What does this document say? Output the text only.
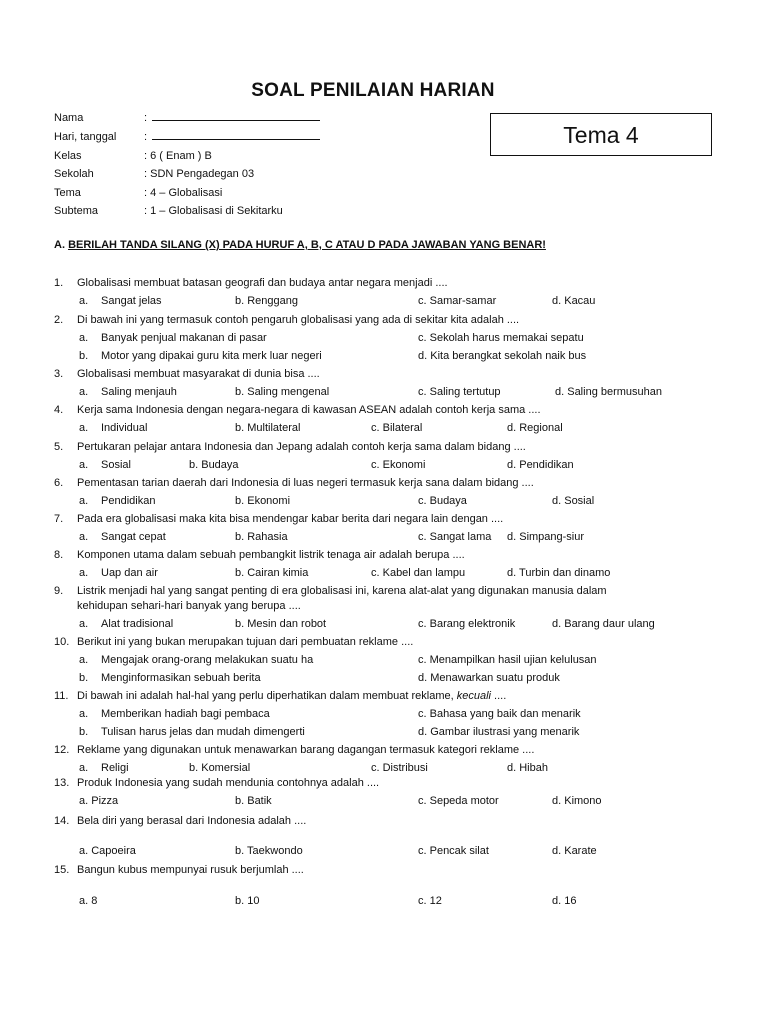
SOAL PENILAIAN HARIAN
Tema 4
Nama	:
Hari, tanggal	:
Kelas	: 6 ( Enam ) B
Sekolah	: SDN Pengadegan 03
Tema	: 4 – Globalisasi
Subtema	: 1 – Globalisasi di Sekitarku
A. BERILAH TANDA SILANG (X) PADA HURUF A, B, C ATAU D PADA JAWABAN YANG BENAR!
1.	Globalisasi membuat batasan geografi dan budaya antar negara menjadi ....
a. Sangat jelas	b. Renggang	c. Samar-samar	d. Kacau
2.	Di bawah ini yang termasuk contoh pengaruh globalisasi yang ada di sekitar kita adalah ....
a. Banyak penjual makanan di pasar	c. Sekolah harus memakai sepatu
b. Motor yang dipakai guru kita merk luar negeri	d. Kita berangkat sekolah naik bus
3.	Globalisasi membuat masyarakat di dunia bisa ....
a. Saling menjauh	b. Saling mengenal	c. Saling tertutup	d. Saling bermusuhan
4.	Kerja sama Indonesia dengan negara-negara di kawasan ASEAN adalah contoh kerja sama ....
a. Individual	b. Multilateral	c. Bilateral	d. Regional
5.	Pertukaran pelajar antara Indonesia dan Jepang adalah contoh kerja sama dalam bidang ....
a. Sosial	b. Budaya	c. Ekonomi	d. Pendidikan
6.	Pementasan tarian daerah dari Indonesia di luas negeri termasuk kerja sana dalam bidang ....
a. Pendidikan	b. Ekonomi	c. Budaya	d. Sosial
7.	Pada era globalisasi maka kita bisa mendengar kabar berita dari negara lain dengan ....
a. Sangat cepat	b. Rahasia	c. Sangat lama d. Simpang-siur
8.	Komponen utama dalam sebuah pembangkit listrik tenaga air adalah berupa ....
a. Uap dan air	b. Cairan kimia	c. Kabel dan lampu	d. Turbin dan dinamo
9.	Listrik menjadi hal yang sangat penting di era globalisasi ini, karena alat-alat yang digunakan manusia dalam
kehidupan sehari-hari banyak yang berupa ....
a. Alat tradisional	b. Mesin dan robot	c. Barang elektronik	d. Barang daur ulang
10. Berikut ini yang bukan merupakan tujuan dari pembuatan reklame ....
a. Mengajak orang-orang melakukan suatu ha	c. Menampilkan hasil ujian kelulusan
b. Menginformasikan sebuah berita	d. Menawarkan suatu produk
11. Di bawah ini adalah hal-hal yang perlu diperhatikan dalam membuat reklame, kecuali ....
a. Memberikan hadiah bagi pembaca	c. Bahasa yang baik dan menarik
b. Tulisan harus jelas dan mudah dimengerti	d. Gambar ilustrasi yang menarik
12. Reklame yang digunakan untuk menawarkan barang dagangan termasuk kategori reklame ....
a. Religi	b. Komersial	c. Distribusi	d. Hibah
13. Produk Indonesia yang sudah mendunia contohnya adalah ....
a. Pizza	b. Batik	c. Sepeda motor	d. Kimono
14. Bela diri yang berasal dari Indonesia adalah ....
a. Capoeira	b. Taekwondo	c. Pencak silat	d. Karate
15. Bangun kubus mempunyai rusuk berjumlah ....
a. 8	b. 10	c. 12	d. 16
